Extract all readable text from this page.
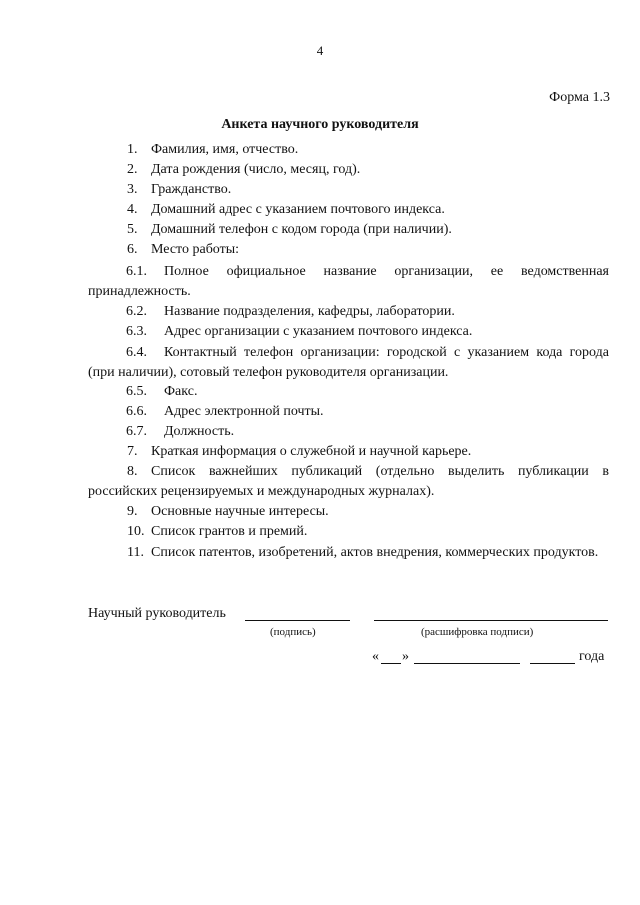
4
Форма 1.3
Анкета научного руководителя
1. Фамилия, имя, отчество.
2. Дата рождения (число, месяц, год).
3. Гражданство.
4. Домашний адрес с указанием почтового индекса.
5. Домашний телефон с кодом города (при наличии).
6. Место работы:
6.1. Полное официальное название организации, ее ведомственная принадлежность.
6.2. Название подразделения, кафедры, лаборатории.
6.3. Адрес организации с указанием почтового индекса.
6.4. Контактный телефон организации: городской с указанием кода города (при наличии), сотовый телефон руководителя организации.
6.5. Факс.
6.6. Адрес электронной почты.
6.7. Должность.
7. Краткая информация о служебной и научной карьере.
8. Список важнейших публикаций (отдельно выделить публикации в российских рецензируемых и международных журналах).
9. Основные научные интересы.
10. Список грантов и премий.
11. Список патентов, изобретений, актов внедрения, коммерческих продуктов.
Научный руководитель
(подпись)	(расшифровка подписи)
« »	года
